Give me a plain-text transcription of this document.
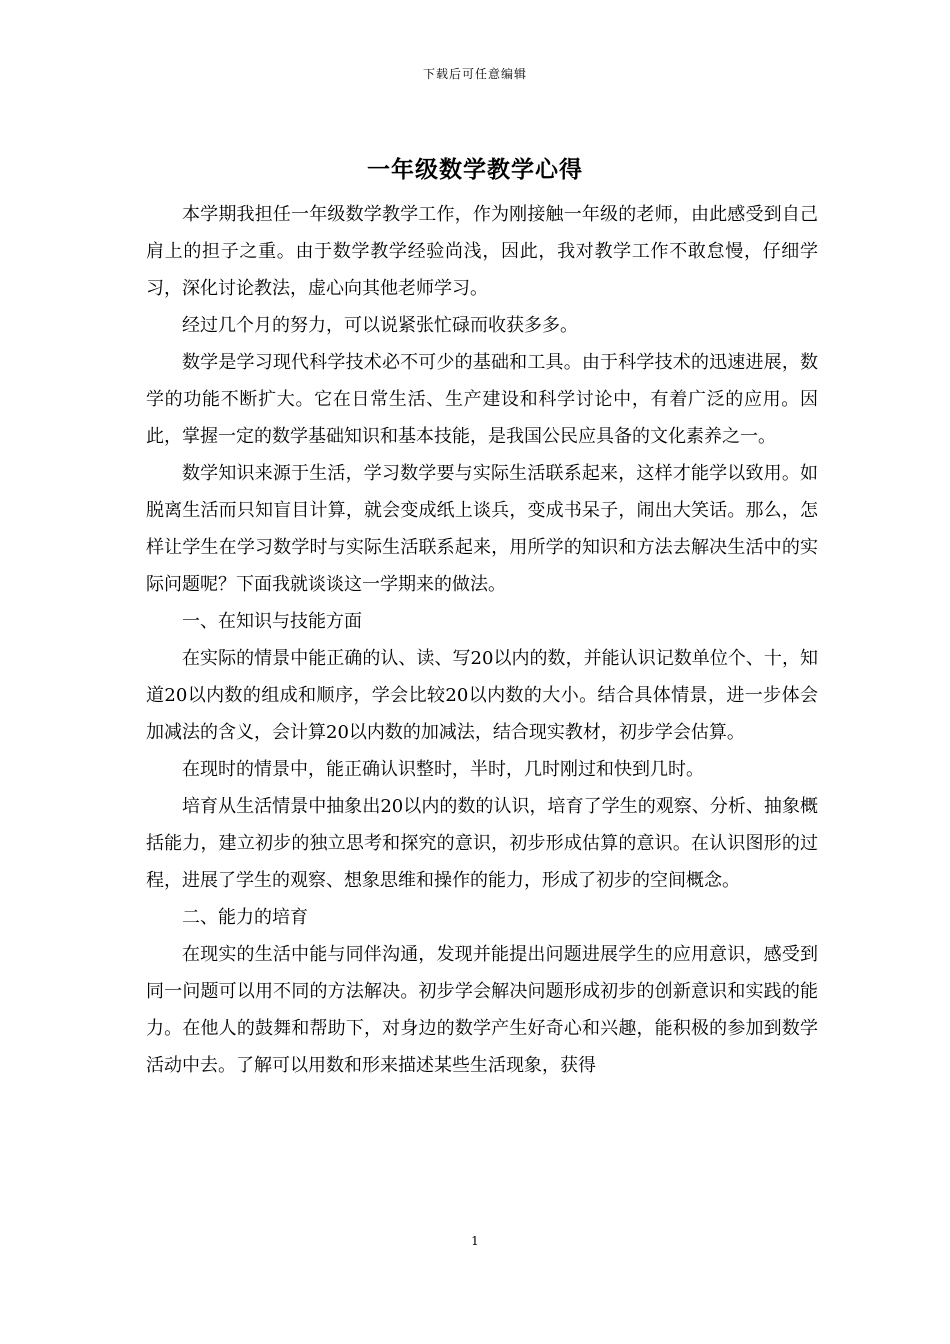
下载后可任意编辑
一年级数学教学心得

本学期我担任一年级数学教学工作，作为刚接触一年级的老师，由此感受到自己肩上的担子之重。由于数学教学经验尚浅，因此，我对教学工作不敢怠慢，仔细学习，深化讨论教法，虚心向其他老师学习。

经过几个月的努力，可以说紧张忙碌而收获多多。

数学是学习现代科学技术必不可少的基础和工具。由于科学技术的迅速进展，数学的功能不断扩大。它在日常生活、生产建设和科学讨论中，有着广泛的应用。因此，掌握一定的数学基础知识和基本技能，是我国公民应具备的文化素养之一。

数学知识来源于生活，学习数学要与实际生活联系起来，这样才能学以致用。如脱离生活而只知盲目计算，就会变成纸上谈兵，变成书呆子，闹出大笑话。那么，怎样让学生在学习数学时与实际生活联系起来，用所学的知识和方法去解决生活中的实际问题呢？下面我就谈谈这一学期来的做法。

一、在知识与技能方面

在实际的情景中能正确的认、读、写20以内的数，并能认识记数单位个、十，知道20以内数的组成和顺序，学会比较20以内数的大小。结合具体情景，进一步体会加减法的含义，会计算20以内数的加减法，结合现实教材，初步学会估算。

在现时的情景中，能正确认识整时，半时，几时刚过和快到几时。

培育从生活情景中抽象出20以内的数的认识，培育了学生的观察、分析、抽象概括能力，建立初步的独立思考和探究的意识，初步形成估算的意识。在认识图形的过程，进展了学生的观察、想象思维和操作的能力，形成了初步的空间概念。

二、能力的培育

在现实的生活中能与同伴沟通，发现并能提出问题进展学生的应用意识，感受到同一问题可以用不同的方法解决。初步学会解决问题形成初步的创新意识和实践的能力。在他人的鼓舞和帮助下，对身边的数学产生好奇心和兴趣，能积极的参加到数学活动中去。了解可以用数和形来描述某些生活现象，获得

1
